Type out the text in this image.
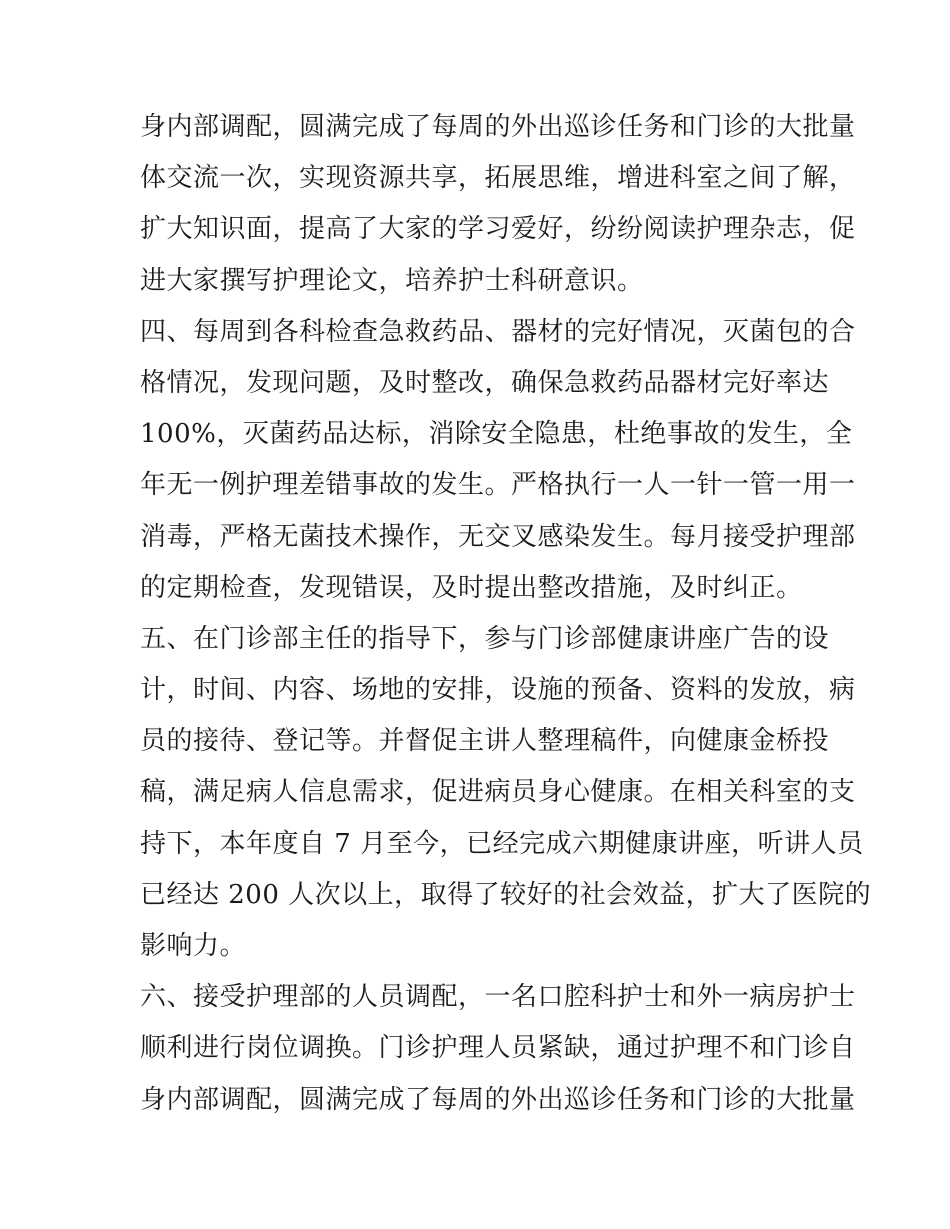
身内部调配，圆满完成了每周的外出巡诊任务和门诊的大批量
体交流一次，实现资源共享，拓展思维，增进科室之间了解，
扩大知识面，提高了大家的学习爱好，纷纷阅读护理杂志，促
进大家撰写护理论文，培养护士科研意识。
四、每周到各科检查急救药品、器材的完好情况，灭菌包的合
格情况，发现问题，及时整改，确保急救药品器材完好率达
100%，灭菌药品达标，消除安全隐患，杜绝事故的发生，全
年无一例护理差错事故的发生。严格执行一人一针一管一用一
消毒，严格无菌技术操作，无交叉感染发生。每月接受护理部
的定期检查，发现错误，及时提出整改措施，及时纠正。
五、在门诊部主任的指导下，参与门诊部健康讲座广告的设
计，时间、内容、场地的安排，设施的预备、资料的发放，病
员的接待、登记等。并督促主讲人整理稿件，向健康金桥投
稿，满足病人信息需求，促进病员身心健康。在相关科室的支
持下，本年度自 7 月至今，已经完成六期健康讲座，听讲人员
已经达 200 人次以上，取得了较好的社会效益，扩大了医院的
影响力。
六、接受护理部的人员调配，一名口腔科护士和外一病房护士
顺利进行岗位调换。门诊护理人员紧缺，通过护理不和门诊自
身内部调配，圆满完成了每周的外出巡诊任务和门诊的大批量
